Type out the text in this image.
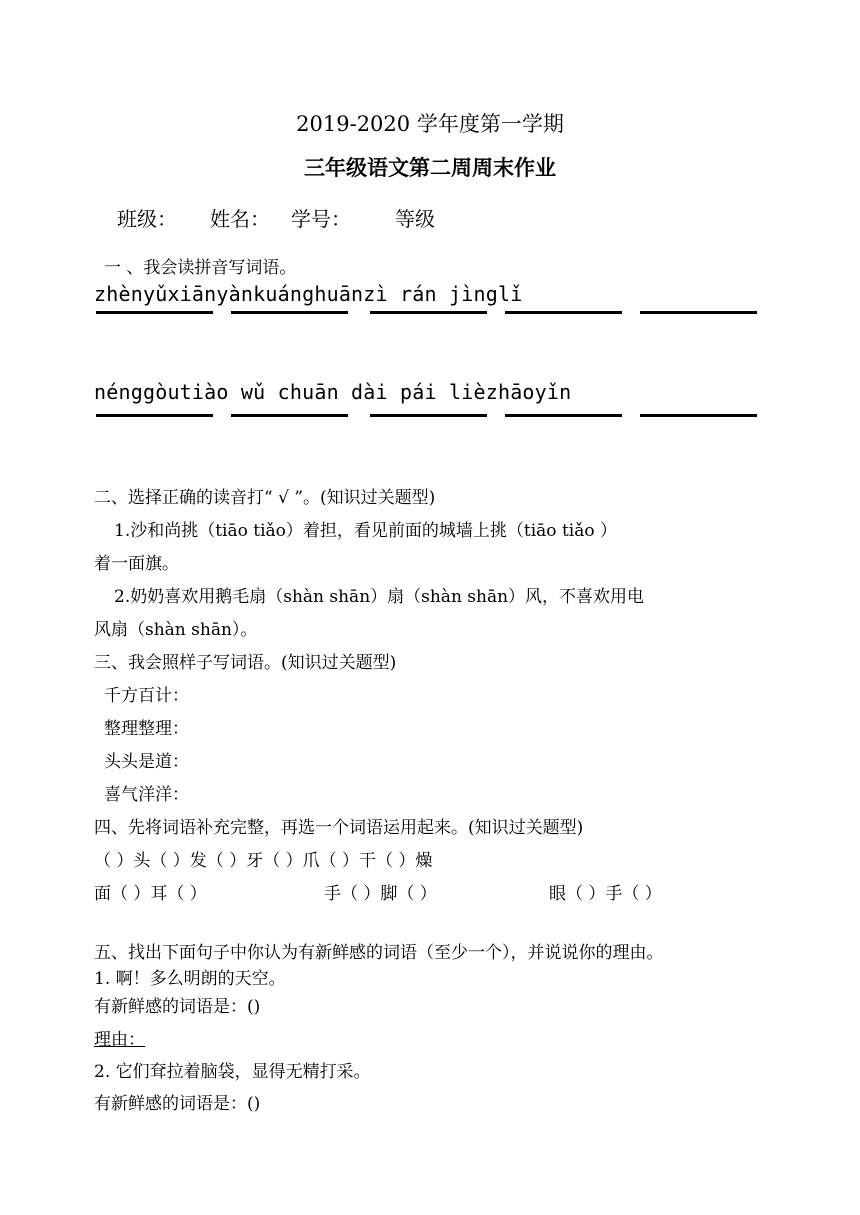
2019-2020 学年度第一学期
三年级语文第二周周末作业
班级： 姓名： 学号： 等级
一 、我会读拼音写词语。
zhènyǔxiānyànkuánghuānzì rán jìnglǐ
nénggòutiào wǔ chuān dài pái lièzhāoyǐn
二、选择正确的读音打“ √ ”。(知识过关题型)
1.沙和尚挑（tiāo tiǎo）着担，看见前面的城墙上挑（tiāo tiǎo ）
着一面旗。
2.奶奶喜欢用鹅毛扇（shàn shān）扇（shàn shān）风，不喜欢用电
风扇（shàn shān）。
三、我会照样子写词语。(知识过关题型)
千方百计：
整理整理：
头头是道：
喜气洋洋：
四、先将词语补充完整，再选一个词语运用起来。(知识过关题型)
（ ）头（ ）发（ ）牙（ ）爪（ ）干（ ）燥
面（ ）耳（ ）	手（ ）脚（ ）	眼（ ）手（ ）
五、找出下面句子中你认为有新鲜感的词语（至少一个），并说说你的理由。
1. 啊！多么明朗的天空。
有新鲜感的词语是：()
理由：
2. 它们耷拉着脑袋，显得无精打采。
有新鲜感的词语是：()
